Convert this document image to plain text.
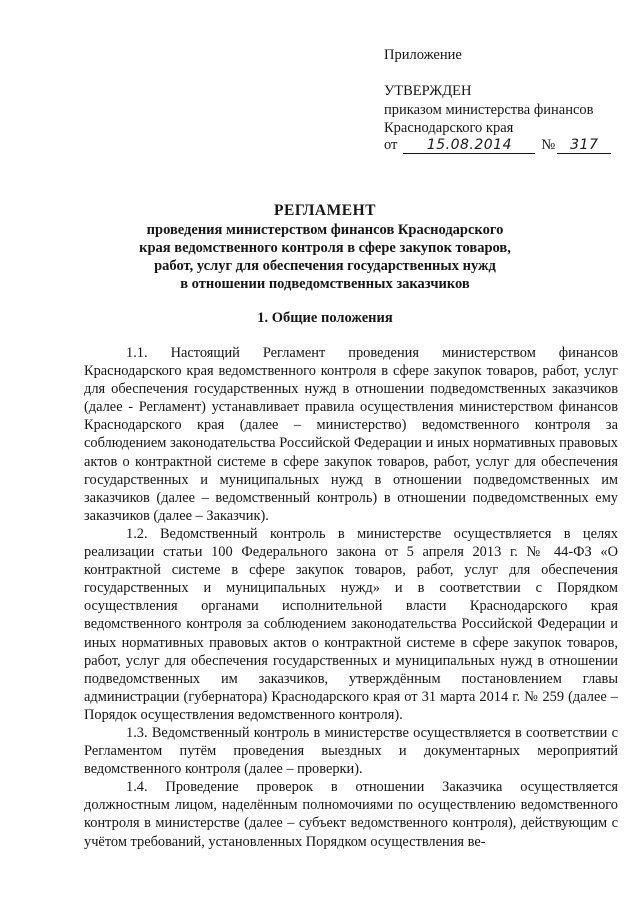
Приложение
УТВЕРЖДЕН
приказом министерства финансов
Краснодарского края
от 15.08.2014 № 317
РЕГЛАМЕНТ
проведения министерством финансов Краснодарского
края ведомственного контроля в сфере закупок товаров,
работ, услуг для обеспечения государственных нужд
в отношении подведомственных заказчиков
1. Общие положения

1.1. Настоящий Регламент проведения министерством финансов Краснодарского края ведомственного контроля в сфере закупок товаров, работ, услуг для обеспечения государственных нужд в отношении подведомственных заказчиков (далее - Регламент) устанавливает правила осуществления министерством финансов Краснодарского края (далее – министерство) ведомственного контроля за соблюдением законодательства Российской Федерации и иных нормативных правовых актов о контрактной системе в сфере закупок товаров, работ, услуг для обеспечения государственных и муниципальных нужд в отношении подведомственных им заказчиков (далее – ведомственный контроль) в отношении подведомственных ему заказчиков (далее – Заказчик).

1.2. Ведомственный контроль в министерстве осуществляется в целях реализации статьи 100 Федерального закона от 5 апреля 2013 г. № 44-ФЗ «О контрактной системе в сфере закупок товаров, работ, услуг для обеспечения государственных и муниципальных нужд» и в соответствии с Порядком осуществления органами исполнительной власти Краснодарского края ведомственного контроля за соблюдением законодательства Российской Федерации и иных нормативных правовых актов о контрактной системе в сфере закупок товаров, работ, услуг для обеспечения государственных и муниципальных нужд в отношении подведомственных им заказчиков, утверждённым постановлением главы администрации (губернатора) Краснодарского края от 31 марта 2014 г. № 259 (далее – Порядок осуществления ведомственного контроля).

1.3. Ведомственный контроль в министерстве осуществляется в соответствии с Регламентом путём проведения выездных и документарных мероприятий ведомственного контроля (далее – проверки).

1.4. Проведение проверок в отношении Заказчика осуществляется должностным лицом, наделённым полномочиями по осуществлению ведомственного контроля в министерстве (далее – субъект ведомственного контроля), действующим с учётом требований, установленных Порядком осуществления ве-
